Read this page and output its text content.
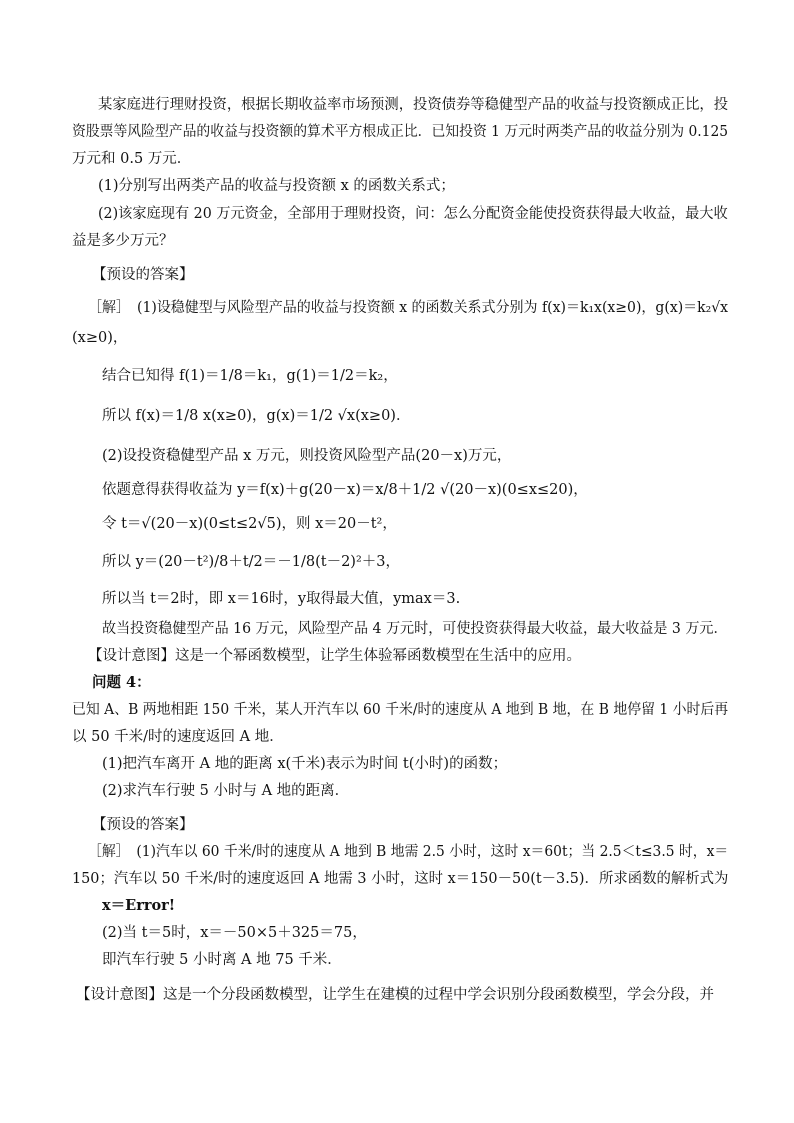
某家庭进行理财投资，根据长期收益率市场预测，投资债券等稳健型产品的收益与投资额成正比，投
资股票等风险型产品的收益与投资额的算术平方根成正比．已知投资 1 万元时两类产品的收益分别为 0.125
万元和 0.5 万元．
(1)分别写出两类产品的收益与投资额 x 的函数关系式；
(2)该家庭现有 20 万元资金，全部用于理财投资，问：怎么分配资金能使投资获得最大收益，最大收
益是多少万元？
【预设的答案】
［解］　(1)设稳健型与风险型产品的收益与投资额 x 的函数关系式分别为 f(x)＝k₁x(x≥0)，g(x)＝k₂√x
(x≥0)，
结合已知得 f(1)＝1/8＝k₁，g(1)＝1/2＝k₂，
所以 f(x)＝1/8 x(x≥0)，g(x)＝1/2 √x(x≥0)．
(2)设投资稳健型产品 x 万元，则投资风险型产品(20－x)万元，
依题意得获得收益为 y＝f(x)＋g(20－x)＝x/8＋1/2 √(20－x)(0≤x≤20)，
令 t＝√(20－x)(0≤t≤2√5)，则 x＝20－t²，
所以 y＝(20－t²)/8＋t/2＝－1/8(t－2)²＋3，
所以当 t＝2时，即 x＝16时，y取得最大值，ymax＝3.
故当投资稳健型产品 16 万元，风险型产品 4 万元时，可使投资获得最大收益，最大收益是 3 万元．
【设计意图】这是一个幂函数模型，让学生体验幂函数模型在生活中的应用。
问题 4：
已知 A、B 两地相距 150 千米，某人开汽车以 60 千米/时的速度从 A 地到 B 地，在 B 地停留 1 小时后再
以 50 千米/时的速度返回 A 地．
(1)把汽车离开 A 地的距离 x(千米)表示为时间 t(小时)的函数；
(2)求汽车行驶 5 小时与 A 地的距离．
【预设的答案】
［解］　(1)汽车以 60 千米/时的速度从 A 地到 B 地需 2.5 小时，这时 x＝60t；当 2.5＜t≤3.5 时，x＝
150；汽车以 50 千米/时的速度返回 A 地需 3 小时，这时 x＝150－50(t－3.5)．所求函数的解析式为
x＝Error!
(2)当 t＝5时，x＝－50×5＋325＝75，
即汽车行驶 5 小时离 A 地 75 千米．
【设计意图】这是一个分段函数模型，让学生在建模的过程中学会识别分段函数模型，学会分段，并
